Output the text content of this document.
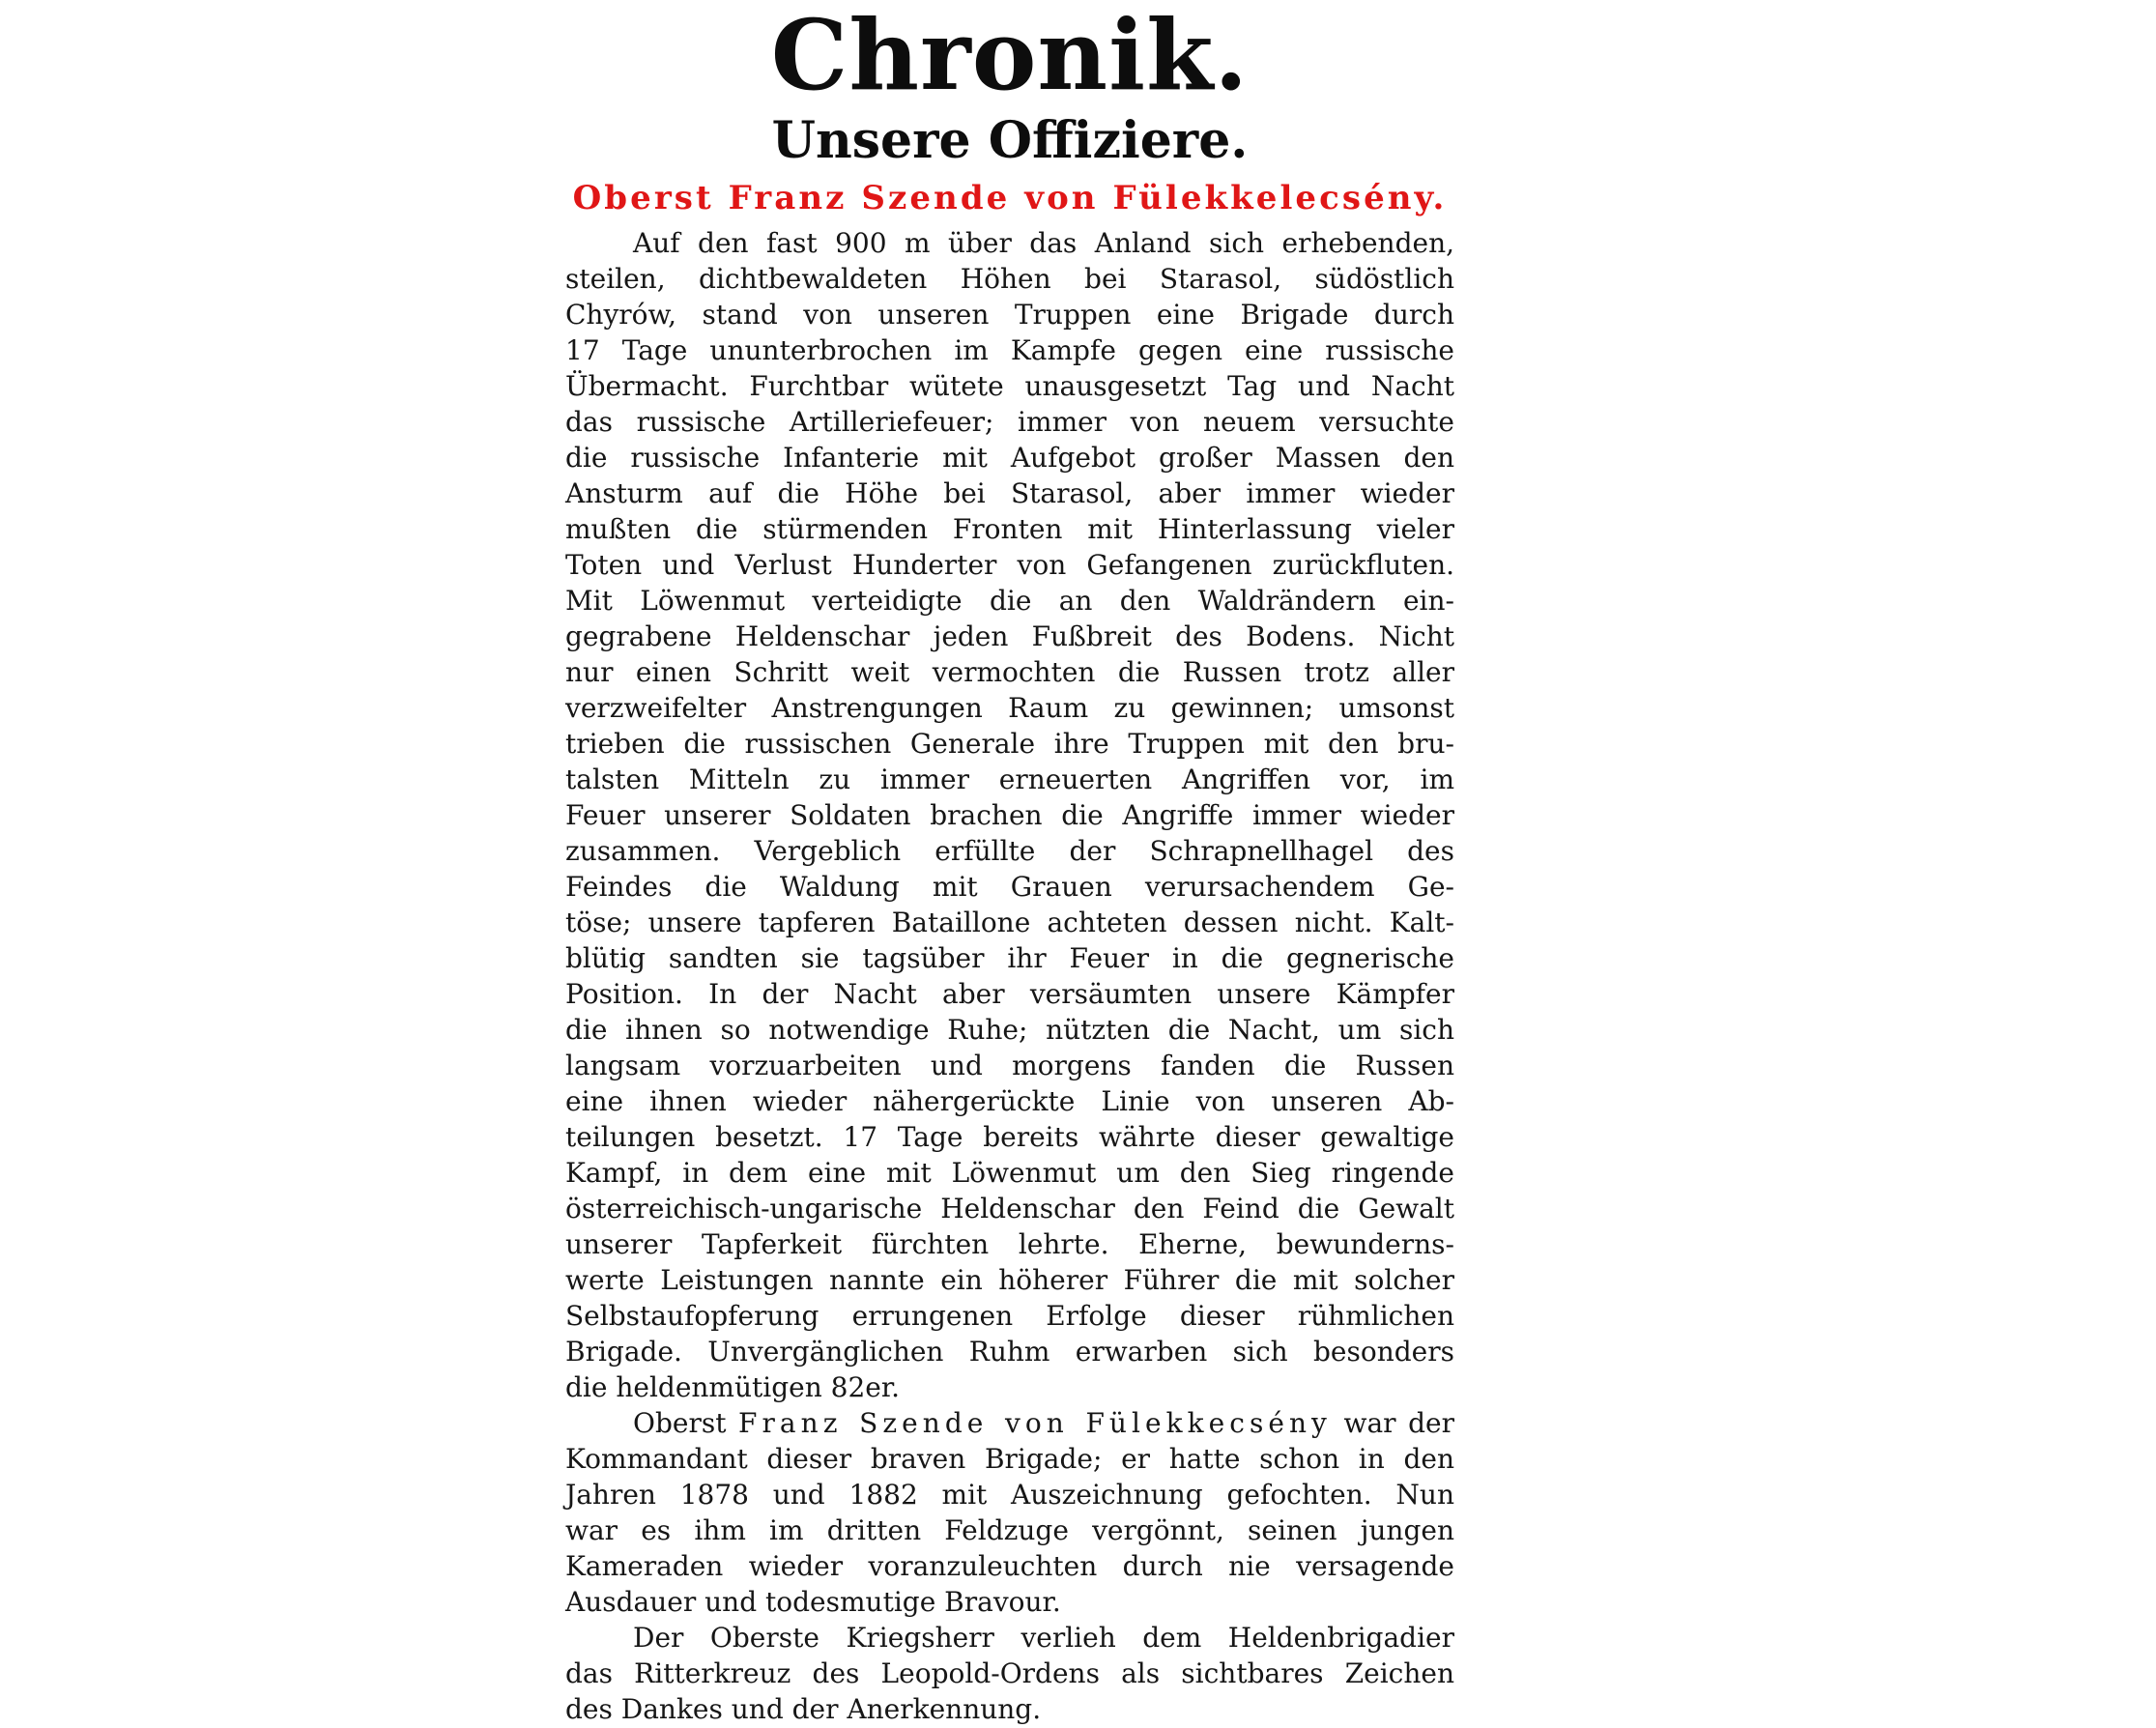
Chronik.
Unsere Offiziere.
Oberst Franz Szende von Fülekkelecsény.
Auf den fast 900 m über das Anland sich erhebenden,
steilen, dichtbewaldeten Höhen bei Starasol, südöstlich
Chyrów, stand von unseren Truppen eine Brigade durch
17 Tage ununterbrochen im Kampfe gegen eine russische
Übermacht. Furchtbar wütete unausgesetzt Tag und Nacht
das russische Artilleriefeuer; immer von neuem versuchte
die russische Infanterie mit Aufgebot großer Massen den
Ansturm auf die Höhe bei Starasol, aber immer wieder
mußten die stürmenden Fronten mit Hinterlassung vieler
Toten und Verlust Hunderter von Gefangenen zurückfluten.
Mit Löwenmut verteidigte die an den Waldrändern ein-
gegrabene Heldenschar jeden Fußbreit des Bodens. Nicht
nur einen Schritt weit vermochten die Russen trotz aller
verzweifelter Anstrengungen Raum zu gewinnen; umsonst
trieben die russischen Generale ihre Truppen mit den bru-
talsten Mitteln zu immer erneuerten Angriffen vor, im
Feuer unserer Soldaten brachen die Angriffe immer wieder
zusammen. Vergeblich erfüllte der Schrapnellhagel des
Feindes die Waldung mit Grauen verursachendem Ge-
töse; unsere tapferen Bataillone achteten dessen nicht. Kalt-
blütig sandten sie tagsüber ihr Feuer in die gegnerische
Position. In der Nacht aber versäumten unsere Kämpfer
die ihnen so notwendige Ruhe; nützten die Nacht, um sich
langsam vorzuarbeiten und morgens fanden die Russen
eine ihnen wieder nähergerückte Linie von unseren Ab-
teilungen besetzt. 17 Tage bereits währte dieser gewaltige
Kampf, in dem eine mit Löwenmut um den Sieg ringende
österreichisch-ungarische Heldenschar den Feind die Gewalt
unserer Tapferkeit fürchten lehrte. Eherne, bewunderns-
werte Leistungen nannte ein höherer Führer die mit solcher
Selbstaufopferung errungenen Erfolge dieser rühmlichen
Brigade. Unvergänglichen Ruhm erwarben sich besonders
die heldenmütigen 82er.
Oberst Franz Szende von Fülekkecsény war der
Kommandant dieser braven Brigade; er hatte schon in den
Jahren 1878 und 1882 mit Auszeichnung gefochten. Nun
war es ihm im dritten Feldzuge vergönnt, seinen jungen
Kameraden wieder voranzuleuchten durch nie versagende
Ausdauer und todesmutige Bravour.
Der Oberste Kriegsherr verlieh dem Heldenbrigadier
das Ritterkreuz des Leopold-Ordens als sichtbares Zeichen
des Dankes und der Anerkennung.
